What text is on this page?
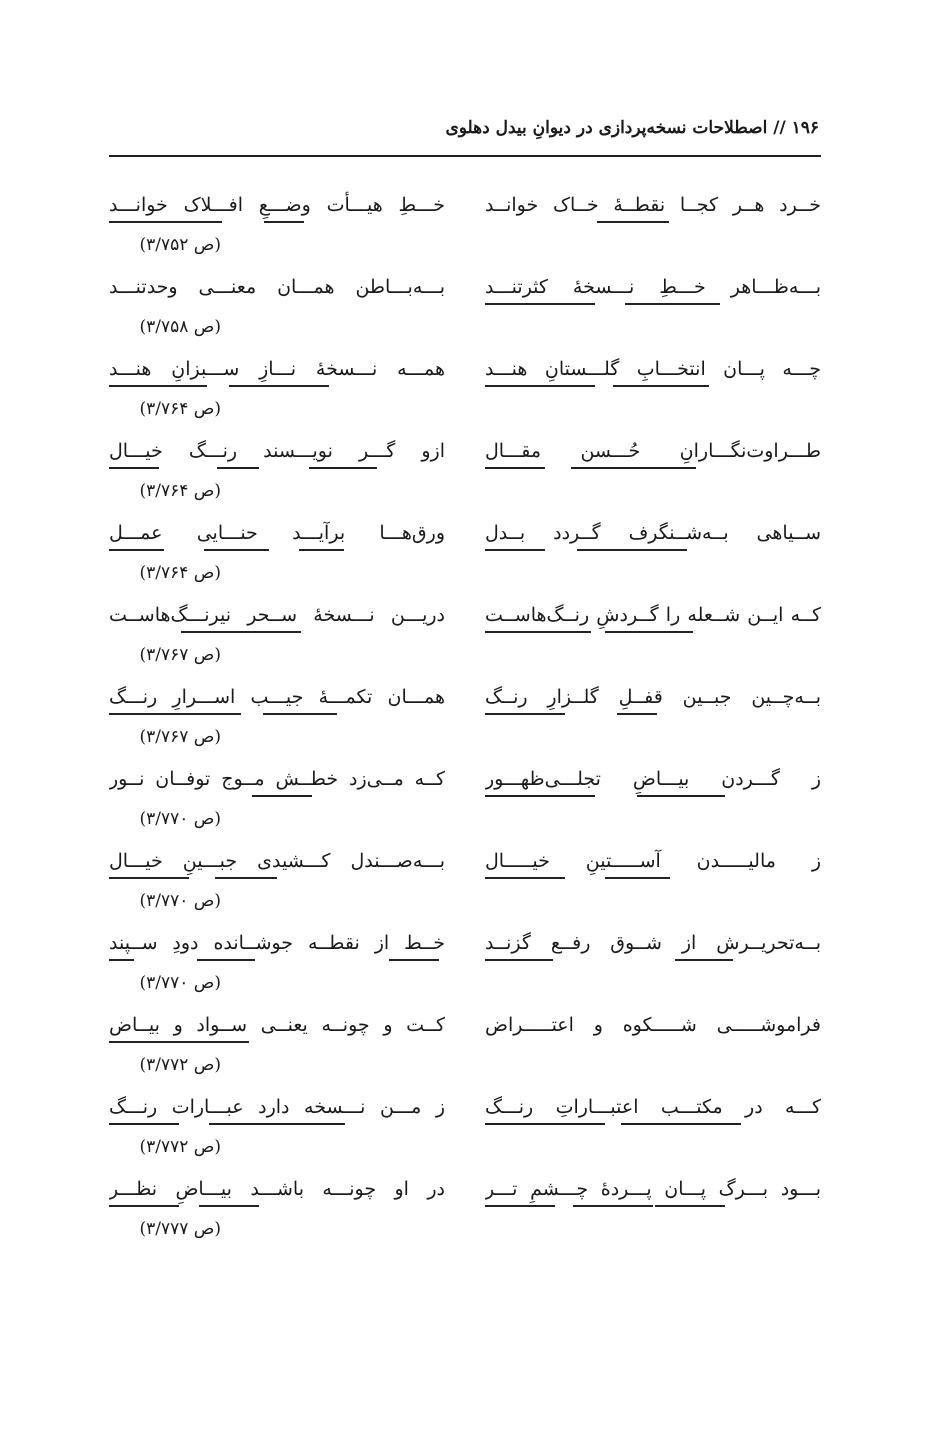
۱۹۶ // اصطلاحات نسخه‌پردازی در دیوانِ بیدل دهلوی
خــرد هــر کجــا نقطــهٔ خــاک خوانــد
خـــطِ هیـــأت وضـــعِ افـــلاک خوانـــد
(ص ۳/۷۵۲)
بـــه‌ظـــاهر خـــطِ نـــسخهٔ کثرتنـــد
بـــه‌بـــاطن همـــان معنـــی وحدتنـــد
(ص ۳/۷۵۸)
چـــه پـــان انتخـــابِ گلـــستانِ هنـــد
همـــه نـــسخهٔ نـــازِ ســـبزانِ هنـــد
(ص ۳/۷۶۴)
طـــراوت‌نگـــارانِ حُـــسن مقـــال
ازو گـــر نویـــسند رنـــگ خیـــال
(ص ۳/۷۶۴)
ســیاهی بــه‌شــنگرف گــردد بــدل
ورق‌هـــا برآیـــد حنـــایی عمـــل
(ص ۳/۷۶۴)
کــه ایــن شــعله را گــردشِ رنــگ‌هاســت
دریـــن نـــسخهٔ ســحر نیرنـــگ‌هاســت
(ص ۳/۷۶۷)
بــه‌چــین جبــین قفــلِ گلــزارِ رنــگ
همـــان تکمـــهٔ جیـــب اســـرارِ رنـــگ
(ص ۳/۷۶۷)
ز گـــردن بیـــاضِ تجلـــی‌ظهـــور
کــه مــی‌زد خطــش مــوج توفــان نــور
(ص ۳/۷۷۰)
ز مالیـــــدن آســـــتینِ خیـــــال
بـــه‌صـــندل کـــشیدی جبـــینِ خیـــال
(ص ۳/۷۷۰)
بــه‌تحریــرش از شــوق رفــع گزنــد
خــط از نقطــه جوشــانده دودِ ســپند
(ص ۳/۷۷۰)
فراموشـــــی شـــــکوه و اعتـــــراض
کــت و چونــه یعنــی ســواد و بیــاض
(ص ۳/۷۷۲)
کـــه در مکتـــب اعتبـــاراتِ رنـــگ
ز مـــن نـــسخه دارد عبـــارات رنـــگ
(ص ۳/۷۷۲)
بـــود بـــرگ پـــان پـــردهٔ چـــشمِ تـــر
در او چونـــه باشـــد بیـــاضِ نظـــر
(ص ۳/۷۷۷)
